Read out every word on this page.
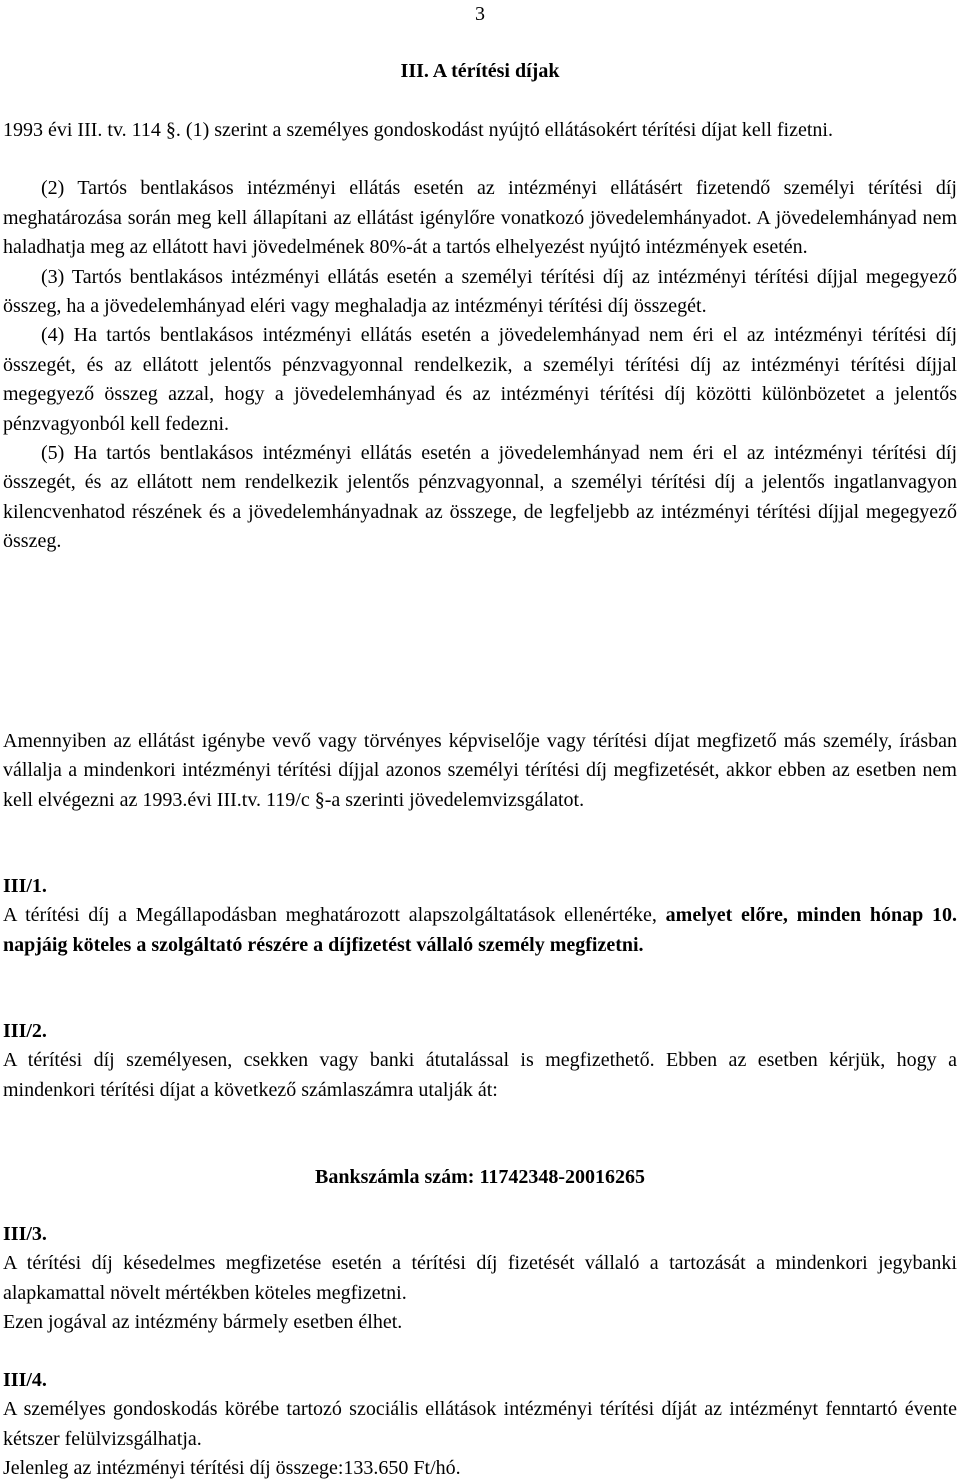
3
III. A térítési díjak

1993 évi III. tv. 114 §. (1) szerint a személyes gondoskodást nyújtó ellátásokért térítési díjat kell fizetni.

(2) Tartós bentlakásos intézményi ellátás esetén az intézményi ellátásért fizetendő személyi térítési díj meghatározása során meg kell állapítani az ellátást igénylőre vonatkozó jövedelemhányadot. A jövedelemhányad nem haladhatja meg az ellátott havi jövedelmének 80%-át a tartós elhelyezést nyújtó intézmények esetén.

(3) Tartós bentlakásos intézményi ellátás esetén a személyi térítési díj az intézményi térítési díjjal megegyező összeg, ha a jövedelemhányad eléri vagy meghaladja az intézményi térítési díj összegét.

(4) Ha tartós bentlakásos intézményi ellátás esetén a jövedelemhányad nem éri el az intézményi térítési díj összegét, és az ellátott jelentős pénzvagyonnal rendelkezik, a személyi térítési díj az intézményi térítési díjjal megegyező összeg azzal, hogy a jövedelemhányad és az intézményi térítési díj közötti különbözetet a jelentős pénzvagyonból kell fedezni.

(5) Ha tartós bentlakásos intézményi ellátás esetén a jövedelemhányad nem éri el az intézményi térítési díj összegét, és az ellátott nem rendelkezik jelentős pénzvagyonnal, a személyi térítési díj a jelentős ingatlanvagyon kilencvenhatod részének és a jövedelemhányadnak az összege, de legfeljebb az intézményi térítési díjjal megegyező összeg.

Amennyiben az ellátást igénybe vevő vagy törvényes képviselője vagy térítési díjat megfizető más személy, írásban vállalja a mindenkori intézményi térítési díjjal azonos személyi térítési díj megfizetését, akkor ebben az esetben nem kell elvégezni az 1993.évi III.tv. 119/c §-a szerinti jövedelemvizsgálatot.

III/1.

A térítési díj a Megállapodásban meghatározott alapszolgáltatások ellenértéke, amelyet előre, minden hónap 10. napjáig köteles a szolgáltató részére a díjfizetést vállaló személy megfizetni.

III/2.

A térítési díj személyesen, csekken vagy banki átutalással is megfizethető. Ebben az esetben kérjük, hogy a mindenkori térítési díjat a következő számlaszámra utalják át:

Bankszámla szám: 11742348-20016265

III/3.

A térítési díj késedelmes megfizetése esetén a térítési díj fizetését vállaló a tartozását a mindenkori jegybanki alapkamattal növelt mértékben köteles megfizetni.

Ezen jogával az intézmény bármely esetben élhet.

III/4.

A személyes gondoskodás körébe tartozó szociális ellátások intézményi térítési díját az intézményt fenntartó évente kétszer felülvizsgálhatja.

Jelenleg az intézményi térítési díj összege:133.650 Ft/hó.
